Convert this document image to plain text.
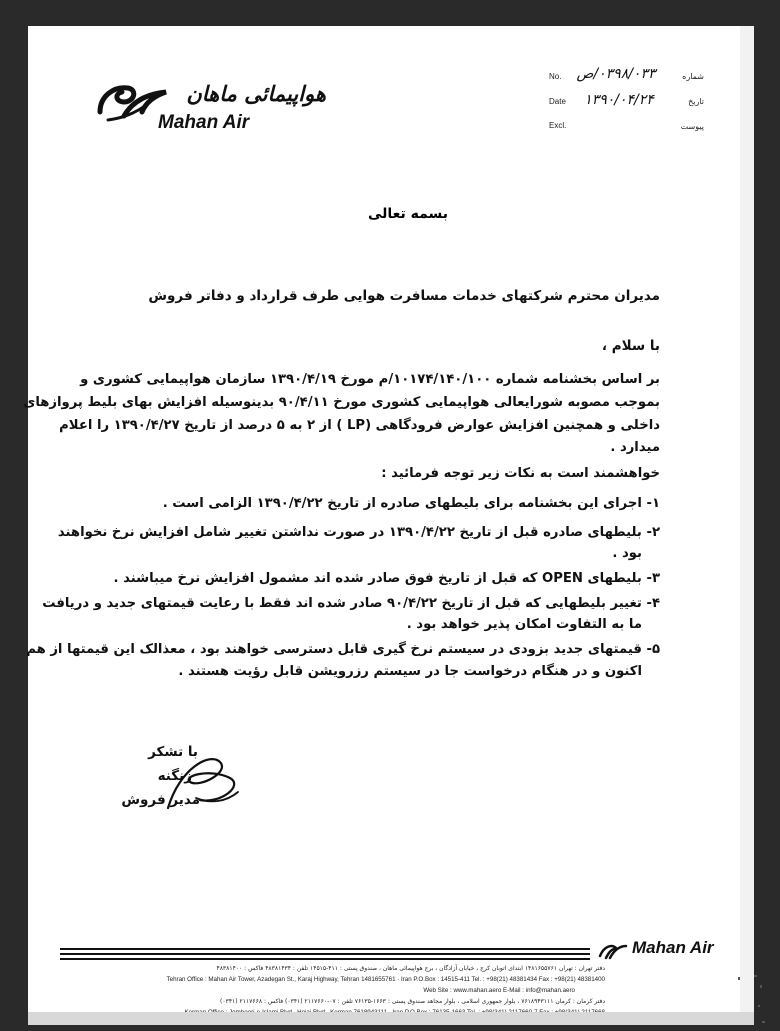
هواپیمائی ماهان
Mahan Air
No.	شماره
۰۳۹۸/۰۳۳/ص
Date	تاریخ
۱۳۹۰/۰۴/۲۴
Excl.	پیوست
بسمه تعالی
مدیران محترم شرکتهای خدمات مسافرت هوایی طرف قرارداد و دفاتر فروش
با سلام ،
بر اساس بخشنامه شماره ۱۰۱۷۴/۱۴۰/۱۰۰/م مورخ ۱۳۹۰/۴/۱۹ سازمان هواپیمایی کشوری و
بموجب مصوبه شورایعالی هواپیمایی کشوری مورخ ۹۰/۴/۱۱ بدینوسیله افزایش بهای بلیط پروازهای
داخلی و همچنین افزایش عوارض فرودگاهی (LP ) از ۲ به ۵ درصد از تاریخ ۱۳۹۰/۴/۲۷ را اعلام
میدارد .
خواهشمند است به نکات زیر توجه فرمائید :
۱- اجرای این بخشنامه برای بلیطهای صادره از تاریخ ۱۳۹۰/۴/۲۲ الزامی است .
۲- بلیطهای صادره قبل از تاریخ ۱۳۹۰/۴/۲۲ در صورت نداشتن تغییر شامل افزایش نرخ نخواهند
بود .
۳- بلیطهای OPEN که قبل از تاریخ فوق صادر شده اند مشمول افزایش نرخ میباشند .
۴- تغییر بلیطهایی که قبل از تاریخ ۹۰/۴/۲۲ صادر شده اند فقط با رعایت قیمتهای جدید و دریافت
ما به التفاوت امکان پذیر خواهد بود .
۵- قیمتهای جدید بزودی در سیستم نرخ گیری قابل دسترسی خواهند بود ، معذالک این قیمتها از هم
اکنون و در هنگام درخواست جا در سیستم رزرویشن قابل رؤیت هستند .
با تشکر
زنگنه
مدیر فروش
Mahan Air
دفتر تهران : تهران ۱۴۸۱۶۵۵۷۶۱ ابتدای اتوبان کرج ، خیابان آزادگان ، برج هواپیمائی ماهان ، صندوق پستی : ۴۱۱-۱۴۵۱۵ تلفن : ۴۸۳۸۱۴۳۴ فاکس : ۴۸۳۸۱۴۰۰
Tehran Office : Mahan Air Tower, Azadegan St., Karaj Highway, Tehran 1481655761 · Iran P.O.Box : 14515-411 Tel. : +98(21) 48381434 Fax : +98(21) 48381400
Web Site : www.mahan.aero E-Mail : info@mahan.aero
دفتر کرمان : کرمان ۷۶۱۸۹۴۳۱۱۱ ، بلوار جمهوری اسلامی ، بلوار مجاهد صندوق پستی : ۱۶۶۳-۷۶۱۳۵ تلفن : ۰۷-۲۱۱۷۶۶۰ (۰۳۴۱) فاکس : ۲۱۱۷۶۶۸ (۰۳۴۱)
